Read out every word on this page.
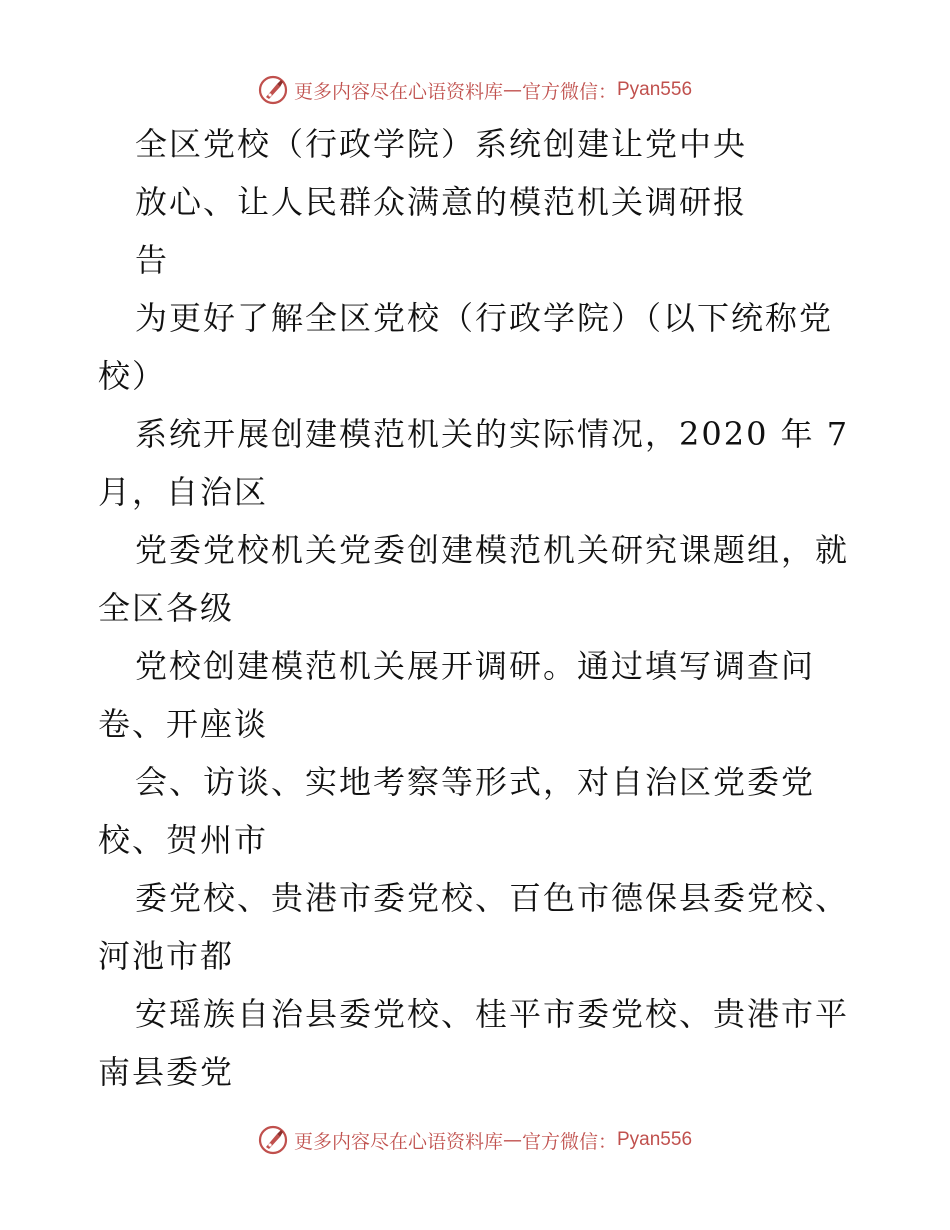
更多内容尽在心语资料库 — 官方微信： Pyan556
全区党校（行政学院）系统创建让党中央
放心、让人民群众满意的模范机关调研报
告
为更好了解全区党校（行政学院）（以下统称党
校）
系统开展创建模范机关的实际情况，2020 年 7
月，自治区
党委党校机关党委创建模范机关研究课题组，就
全区各级
党校创建模范机关展开调研。通过填写调查问
卷、开座谈
会、访谈、实地考察等形式，对自治区党委党
校、贺州市
委党校、贵港市委党校、百色市德保县委党校、
河池市都
安瑶族自治县委党校、桂平市委党校、贵港市平
南县委党
更多内容尽在心语资料库 — 官方微信： Pyan556
